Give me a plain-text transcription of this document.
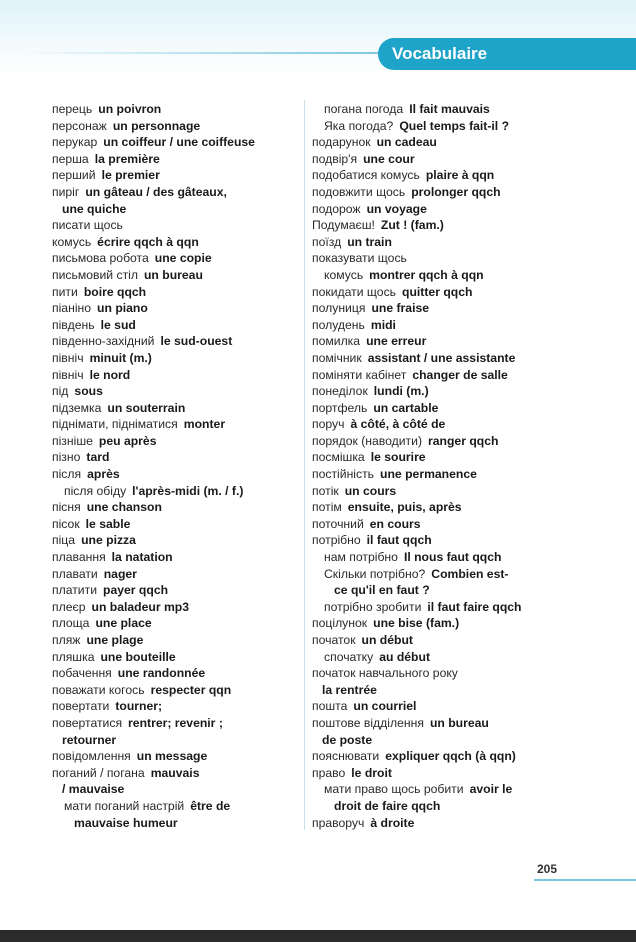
Vocabulaire
перець un poivron
персонаж un personnage
перукар un coiffeur / une coiffeuse
перша la première
перший le premier
пиріг un gâteau / des gâteaux,
une quiche
писати щось
комусь écrire qqch à qqn
письмова робота une copie
письмовий стіл un bureau
пити boire qqch
піаніно un piano
південь le sud
південно-західний le sud-ouest
північ minuit (m.)
північ le nord
під sous
підземка un souterrain
піднімати, підніматися monter
пізніше peu après
пізно tard
після après
після обіду l'après-midi (m. / f.)
пісня une chanson
пісок le sable
піца une pizza
плавання la natation
плавати nager
платити payer qqch
плеєр un baladeur mp3
площа une place
пляж une plage
пляшка une bouteille
побачення une randonnée
поважати когось respecter qqn
повертати tourner;
повертатися rentrer; revenir ;
retourner
повідомлення un message
поганий / погана mauvais
/ mauvaise
мати поганий настрій être de
mauvaise humeur
погана погода Il fait mauvais
Яка погода? Quel temps fait-il ?
подарунок un cadeau
подвір'я une cour
подобатися комусь plaire à qqn
подовжити щось prolonger qqch
подорож un voyage
Подумаєш! Zut ! (fam.)
поїзд un train
показувати щось
комусь montrer qqch à qqn
покидати щось quitter qqch
полуниця une fraise
полудень midi
помилка une erreur
помічник assistant / une assistante
поміняти кабінет changer de salle
понеділок lundi (m.)
портфель un cartable
поруч à côté, à côté de
порядок (наводити) ranger qqch
посмішка le sourire
постійність une permanence
потік un cours
потім ensuite, puis, après
поточний en cours
потрібно il faut qqch
нам потрібно Il nous faut qqch
Скільки потрібно? Combien est-
ce qu'il en faut ?
потрібно зробити il faut faire qqch
поцілунок une bise (fam.)
початок un début
спочатку au début
початок навчального року
la rentrée
пошта un courriel
поштове відділення un bureau
de poste
пояснювати expliquer qqch (à qqn)
право le droit
мати право щось робити avoir le
droit de faire qqch
праворуч à droite
205
